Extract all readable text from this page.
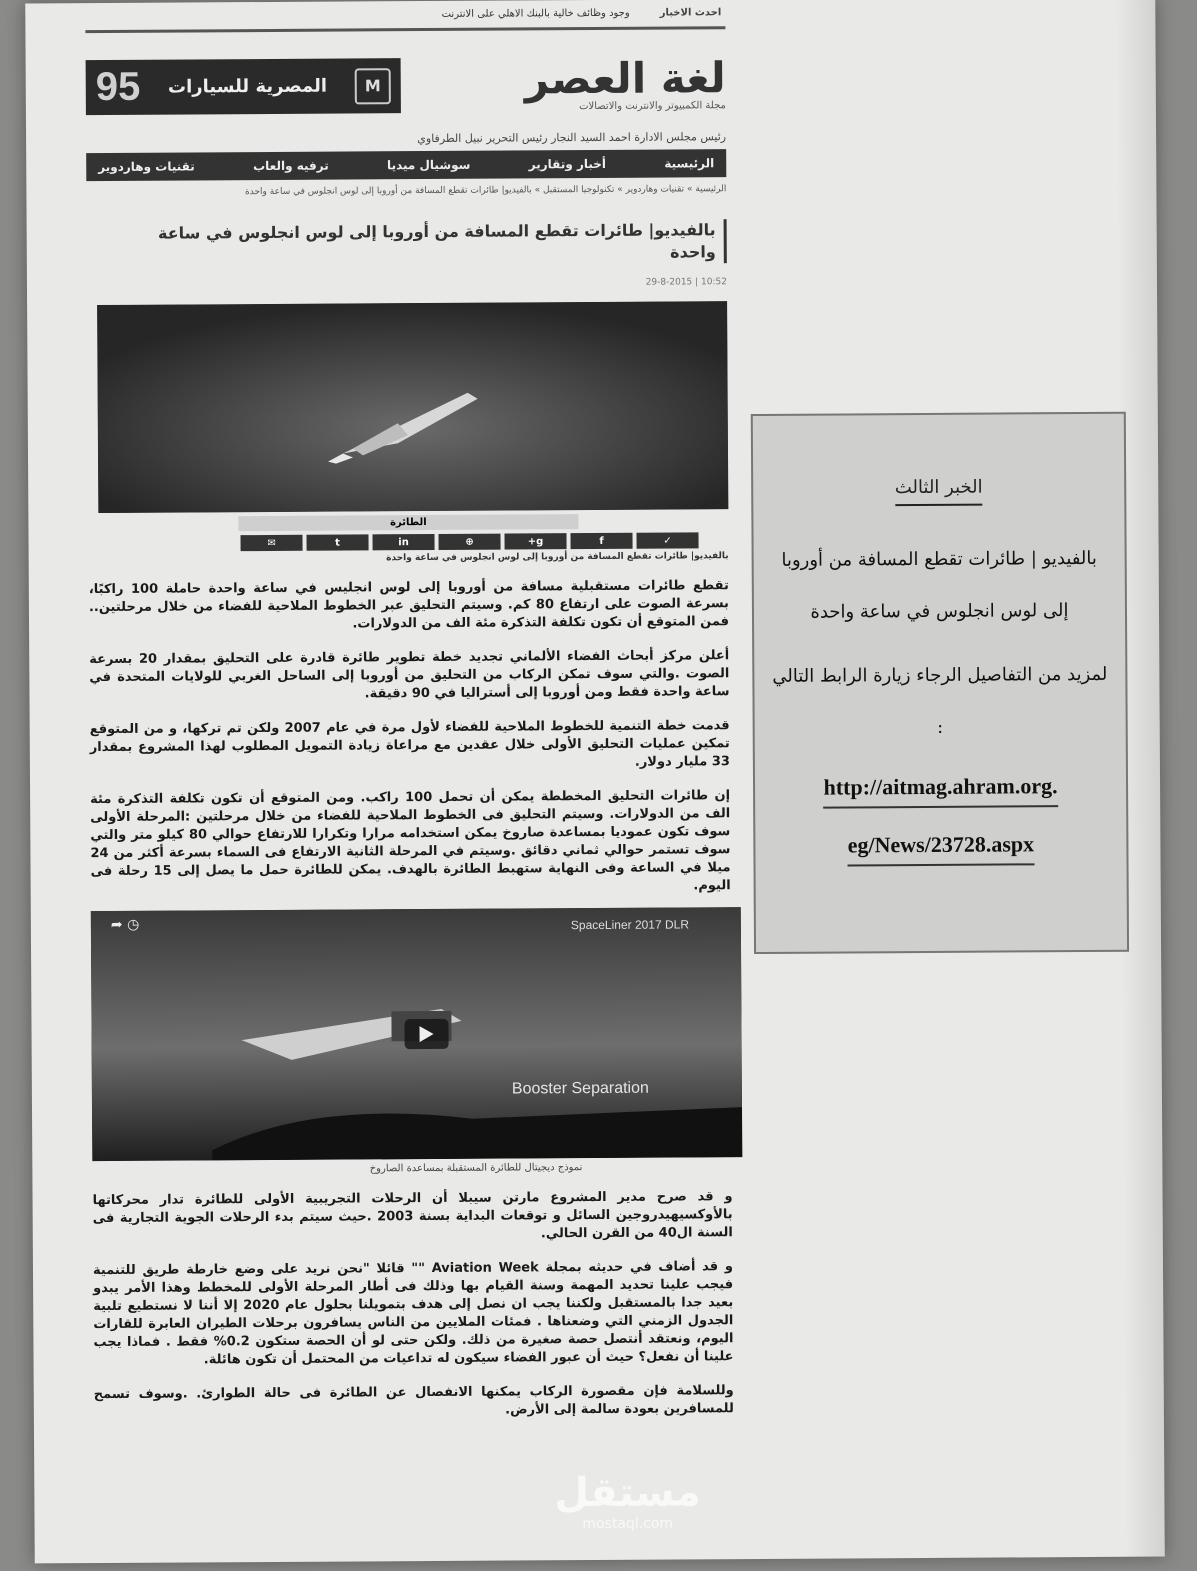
احدث الاخبار
وجود وظائف خالية بالبنك الاهلي على الانترنت
لغة العصر
مجلة الكمبيوتر والانترنت والاتصالات
M
المصرية للسيارات
95
رئيس مجلس الادارة احمد السيد النجار رئيس التحرير نبيل الطرفاوي
الرئيسية
أخبار وتقارير
سوشيال ميديا
ترفيه والعاب
تقنيات وهاردوير
الرئيسية » تقنيات وهاردوير » تكنولوجيا المستقبل » بالفيديو| طائرات تقطع المسافة من أوروبا إلى لوس انجلوس في ساعة واحدة
بالفيديو| طائرات تقطع المسافة من أوروبا إلى لوس انجلوس في ساعة واحدة
10:52 | 29-8-2015
الطائرة
✓
f
g+
⊕
in
t
✉
بالفيديو| طائرات تقطع المسافة من أوروبا إلى لوس انجلوس في ساعة واحدة
تقطع طائرات مستقبلية مسافة من أوروبا إلى لوس انجليس في ساعة واحدة حاملة 100 راكبًا، بسرعة الصوت على ارتفاع 80 كم. وسيتم التحليق عبر الخطوط الملاحية للفضاء من خلال مرحلتين.. فمن المتوقع أن تكون تكلفة التذكرة مئة الف من الدولارات.
أعلن مركز أبحاث الفضاء الألماني تجديد خطة تطوير طائرة قادرة على التحليق بمقدار 20 بسرعة الصوت .والتي سوف تمكن الركاب من التحليق من أوروبا إلى الساحل الغربي للولايات المتحدة في ساعة واحدة فقط ومن أوروبا إلى أستراليا في 90 دقيقة.
قدمت خطة التنمية للخطوط الملاحية للفضاء لأول مرة في عام 2007 ولكن تم تركها، و من المتوقع تمكين عمليات التحليق الأولى خلال عقدين مع مراعاة زيادة التمويل المطلوب لهذا المشروع بمقدار 33 مليار دولار.
إن طائرات التحليق المخططة يمكن أن تحمل 100 راكب. ومن المتوقع أن تكون تكلفة التذكرة مئة الف من الدولارات. وسيتم التحليق فى الخطوط الملاحية للفضاء من خلال مرحلتين :المرحلة الأولى سوف تكون عموديا بمساعدة صاروخ يمكن استخدامه مرارا وتكرارا للارتفاع حوالي 80 كيلو متر والتي سوف تستمر حوالي ثماني دقائق .وسيتم في المرحلة الثانية الارتفاع فى السماء بسرعة أكثر من 24 ميلا في الساعة وفى النهاية ستهبط الطائرة بالهدف. يمكن للطائرة حمل ما يصل إلى 15 رحلة فى اليوم.
➦ ◷	SpaceLiner 2017 DLR
Booster Separation
نموذج ديجيتال للطائرة المستقبلة بمساعدة الصاروخ
و قد صرح مدير المشروع مارتن سيبلا أن الرحلات التجريبية الأولى للطائرة تدار محركاتها بالأوكسيهيدروجين السائل و توقعات البداية بسنة 2003 .حيث سيتم بدء الرحلات الجوية التجارية فى السنة ال40 من القرن الحالي.
و قد أضاف في حديثه بمجلة Aviation Week "" قائلا "نحن نريد على وضع خارطة طريق للتنمية فيجب علينا تحديد المهمة وسنة القيام بها وذلك فى أطار المرحلة الأولى للمخطط وهذا الأمر يبدو بعيد جدا بالمستقبل ولكننا يجب ان نصل إلى هدف بتمويلنا بحلول عام 2020 إلا أننا لا نستطيع تلبية الجدول الزمني التي وضعناها . فمئات الملايين من الناس يسافرون برحلات الطيران العابرة للقارات اليوم، ونعتقد أنتصل حصة صغيرة من ذلك. ولكن حتى لو أن الحصة ستكون 0.2% فقط . فماذا يجب علينا أن نفعل؟ حيث أن عبور الفضاء سيكون له تداعيات من المحتمل أن تكون هائلة.
وللسلامة فإن مقصورة الركاب يمكنها الانفصال عن الطائرة فى حالة الطوارئ. .وسوف تسمح للمسافرين بعودة سالمة إلى الأرض.
الخبر الثالث
بالفيديو | طائرات تقطع المسافة من أوروبا إلى لوس انجلوس في ساعة واحدة
لمزيد من التفاصيل الرجاء زيارة الرابط التالي :
http://aitmag.ahram.org.
eg/News/23728.aspx
مستقل
mostaql.com
